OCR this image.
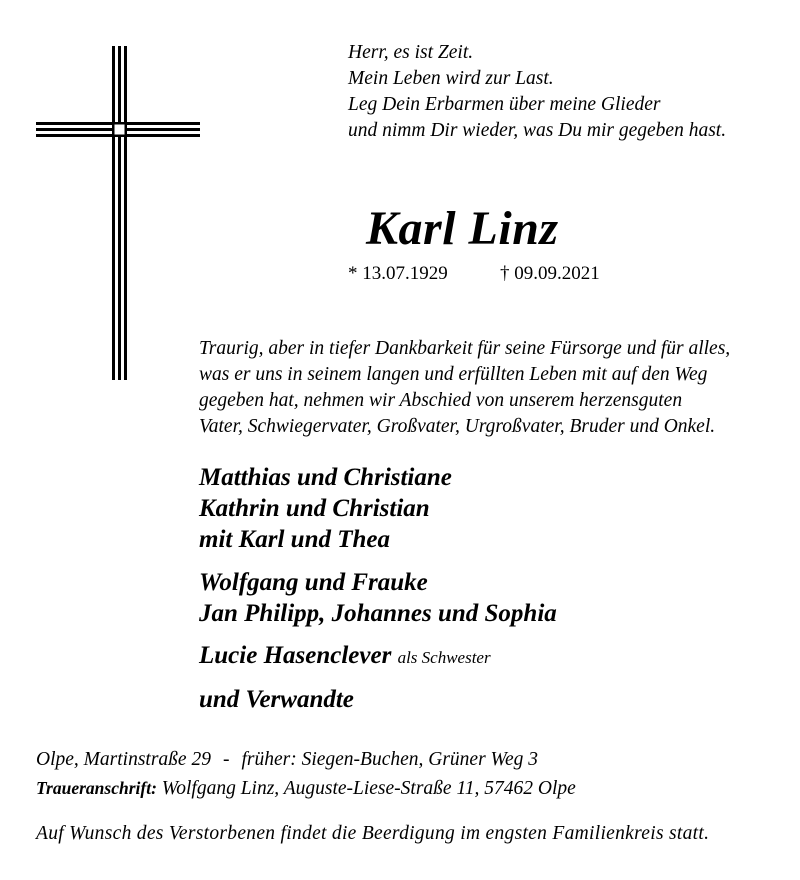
Herr, es ist Zeit.
Mein Leben wird zur Last.
Leg Dein Erbarmen über meine Glieder
und nimm Dir wieder, was Du mir gegeben hast.
Karl Linz
* 13.07.1929	† 09.09.2021
Traurig, aber in tiefer Dankbarkeit für seine Fürsorge und für alles,
was er uns in seinem langen und erfüllten Leben mit auf den Weg
gegeben hat, nehmen wir Abschied von unserem herzensguten
Vater, Schwiegervater, Großvater, Urgroßvater, Bruder und Onkel.
Matthias und Christiane
Kathrin und Christian
mit Karl und Thea
Wolfgang und Frauke
Jan Philipp, Johannes und Sophia
Lucie Hasenclever als Schwester
und Verwandte
Olpe, Martinstraße 29 - früher: Siegen-Buchen, Grüner Weg 3
Traueranschrift: Wolfgang Linz, Auguste-Liese-Straße 11, 57462 Olpe
Auf Wunsch des Verstorbenen findet die Beerdigung im engsten Familienkreis statt.
